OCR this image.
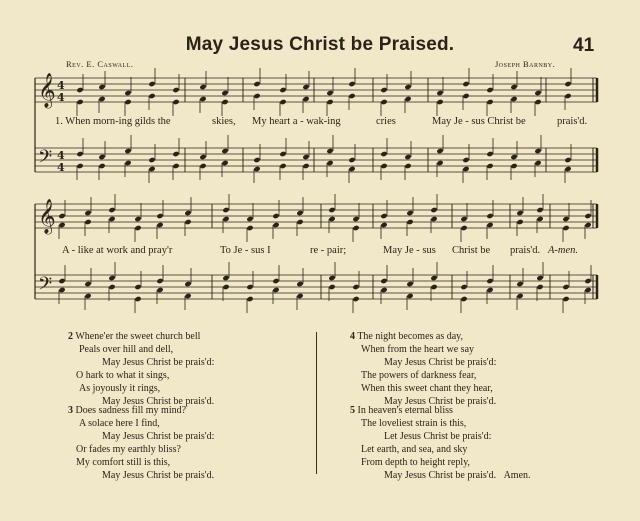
May Jesus Christ be Praised.	41
Rev. E. Caswall.	Joseph Barnby.
𝄞 4
4
𝄢 4
4
𝄞
𝄢
1. When morn-ing gilds the	skies, My heart a - wak-ing	cries	May Je - sus Christ be	prais'd.
A - like at work and pray'r	To Je - sus I	re - pair;	May Je - sus Christ be prais'd. A-men.
2 Whene'er the sweet church bell
Peals over hill and dell,
May Jesus Christ be prais'd:
O hark to what it sings,
As joyously it rings,
May Jesus Christ be prais'd.
3 Does sadness fill my mind?
A solace here I find,
May Jesus Christ be prais'd:
Or fades my earthly bliss?
My comfort still is this,
May Jesus Christ be prais'd.
4 The night becomes as day,
When from the heart we say
May Jesus Christ be prais'd:
The powers of darkness fear,
When this sweet chant they hear,
May Jesus Christ be prais'd.
5 In heaven's eternal bliss
The loveliest strain is this,
Let Jesus Christ be prais'd:
Let earth, and sea, and sky
From depth to height reply,
May Jesus Christ be prais'd. Amen.
